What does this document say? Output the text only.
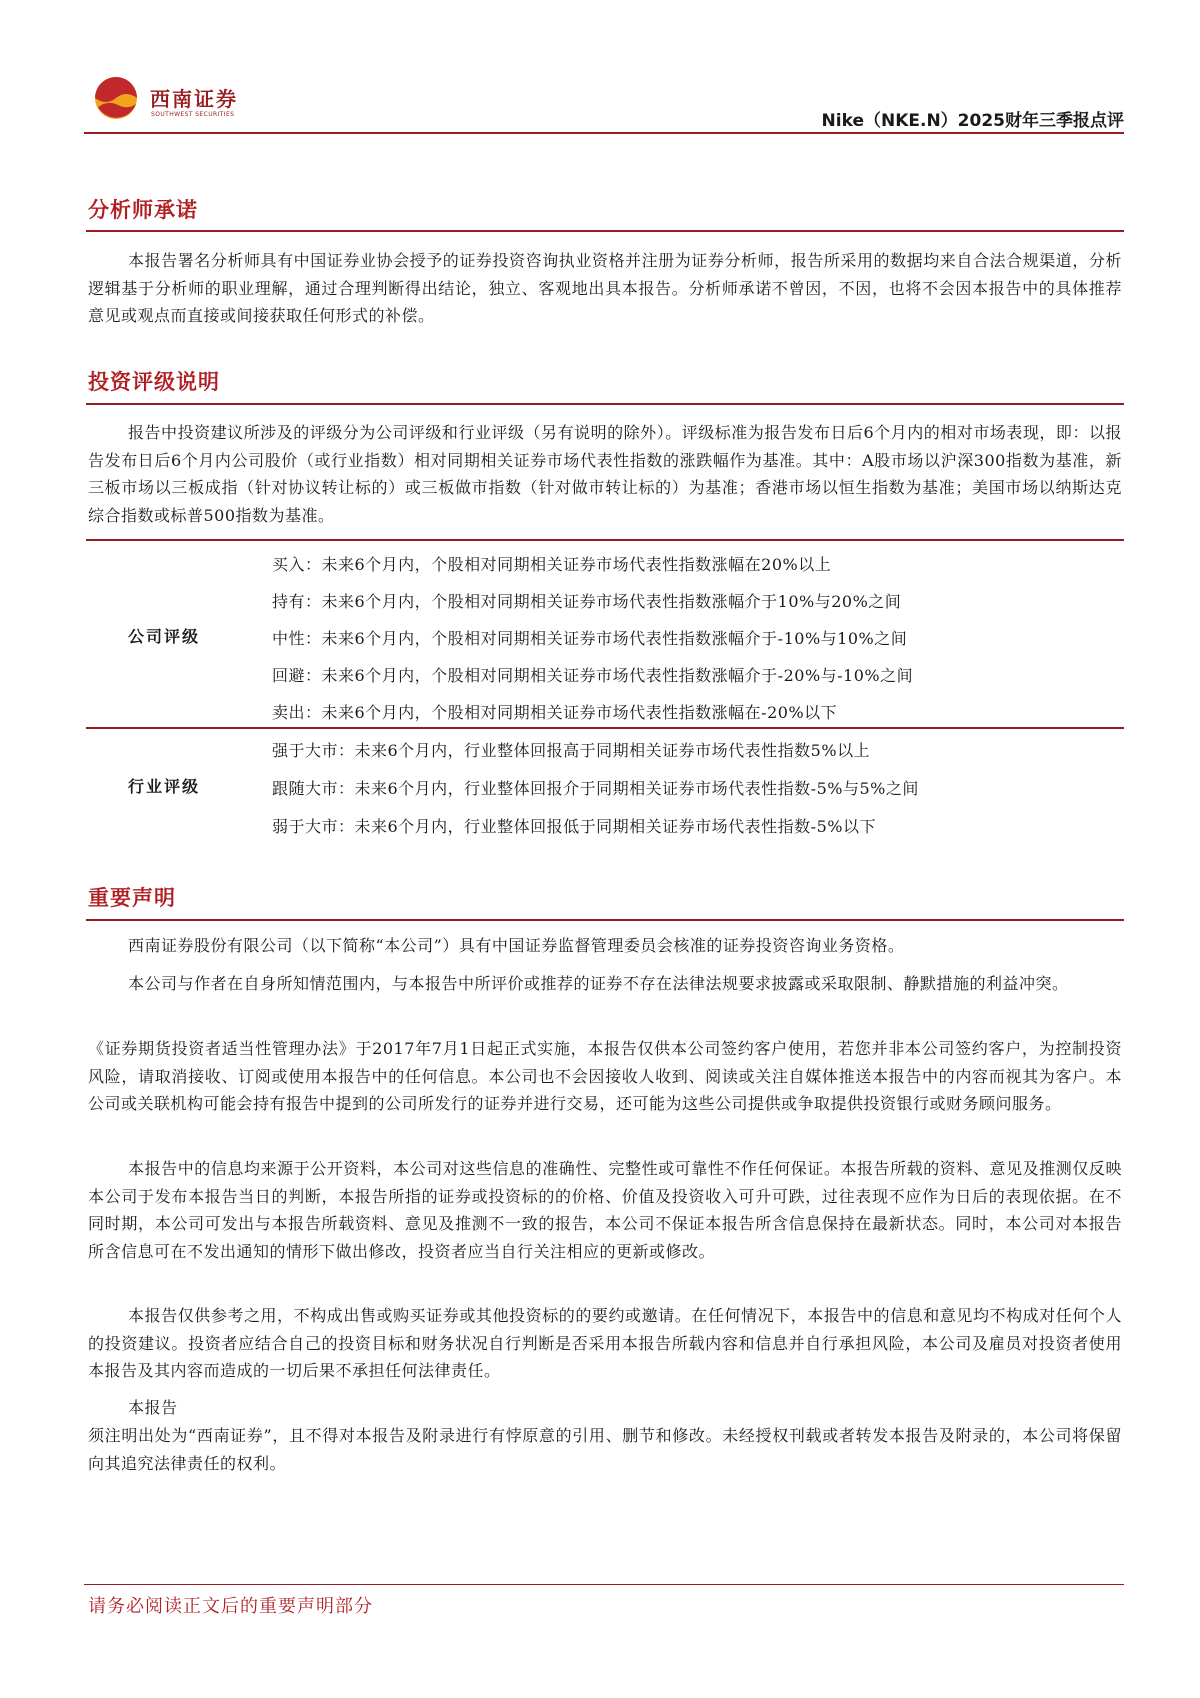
西南证券
SOUTHWEST SECURITIES	Nike（NKE.N）2025财年三季报点评
分析师承诺

本报告署名分析师具有中国证券业协会授予的证券投资咨询执业资格并注册为证券分析师，报告所采用的数据均来自合法合规渠道，分析逻辑基于分析师的职业理解，通过合理判断得出结论，独立、客观地出具本报告。分析师承诺不曾因，不因，也将不会因本报告中的具体推荐意见或观点而直接或间接获取任何形式的补偿。

投资评级说明

报告中投资建议所涉及的评级分为公司评级和行业评级（另有说明的除外）。评级标准为报告发布日后6个月内的相对市场表现，即：以报告发布日后6个月内公司股价（或行业指数）相对同期相关证券市场代表性指数的涨跌幅作为基准。其中：A股市场以沪深300指数为基准，新三板市场以三板成指（针对协议转让标的）或三板做市指数（针对做市转让标的）为基准；香港市场以恒生指数为基准；美国市场以纳斯达克综合指数或标普500指数为基准。

公司评级
买入：未来6个月内，个股相对同期相关证券市场代表性指数涨幅在20%以上
持有：未来6个月内，个股相对同期相关证券市场代表性指数涨幅介于10%与20%之间
中性：未来6个月内，个股相对同期相关证券市场代表性指数涨幅介于-10%与10%之间
回避：未来6个月内，个股相对同期相关证券市场代表性指数涨幅介于-20%与-10%之间
卖出：未来6个月内，个股相对同期相关证券市场代表性指数涨幅在-20%以下
行业评级
强于大市：未来6个月内，行业整体回报高于同期相关证券市场代表性指数5%以上
跟随大市：未来6个月内，行业整体回报介于同期相关证券市场代表性指数-5%与5%之间
弱于大市：未来6个月内，行业整体回报低于同期相关证券市场代表性指数-5%以下
重要声明

西南证券股份有限公司（以下简称“本公司”）具有中国证券监督管理委员会核准的证券投资咨询业务资格。

本公司与作者在自身所知情范围内，与本报告中所评价或推荐的证券不存在法律法规要求披露或采取限制、静默措施的利益冲突。

《证券期货投资者适当性管理办法》于2017年7月1日起正式实施，本报告仅供本公司签约客户使用，若您并非本公司签约客户，为控制投资风险，请取消接收、订阅或使用本报告中的任何信息。本公司也不会因接收人收到、阅读或关注自媒体推送本报告中的内容而视其为客户。本公司或关联机构可能会持有报告中提到的公司所发行的证券并进行交易，还可能为这些公司提供或争取提供投资银行或财务顾问服务。

本报告中的信息均来源于公开资料，本公司对这些信息的准确性、完整性或可靠性不作任何保证。本报告所载的资料、意见及推测仅反映本公司于发布本报告当日的判断，本报告所指的证券或投资标的的价格、价值及投资收入可升可跌，过往表现不应作为日后的表现依据。在不同时期，本公司可发出与本报告所载资料、意见及推测不一致的报告，本公司不保证本报告所含信息保持在最新状态。同时，本公司对本报告所含信息可在不发出通知的情形下做出修改，投资者应当自行关注相应的更新或修改。

本报告仅供参考之用，不构成出售或购买证券或其他投资标的的要约或邀请。在任何情况下，本报告中的信息和意见均不构成对任何个人的投资建议。投资者应结合自己的投资目标和财务状况自行判断是否采用本报告所载内容和信息并自行承担风险，本公司及雇员对投资者使用本报告及其内容而造成的一切后果不承担任何法律责任。

本报告

须注明出处为“西南证券”，且不得对本报告及附录进行有悖原意的引用、删节和修改。未经授权刊载或者转发本报告及附录的，本公司将保留向其追究法律责任的权利。

请务必阅读正文后的重要声明部分
